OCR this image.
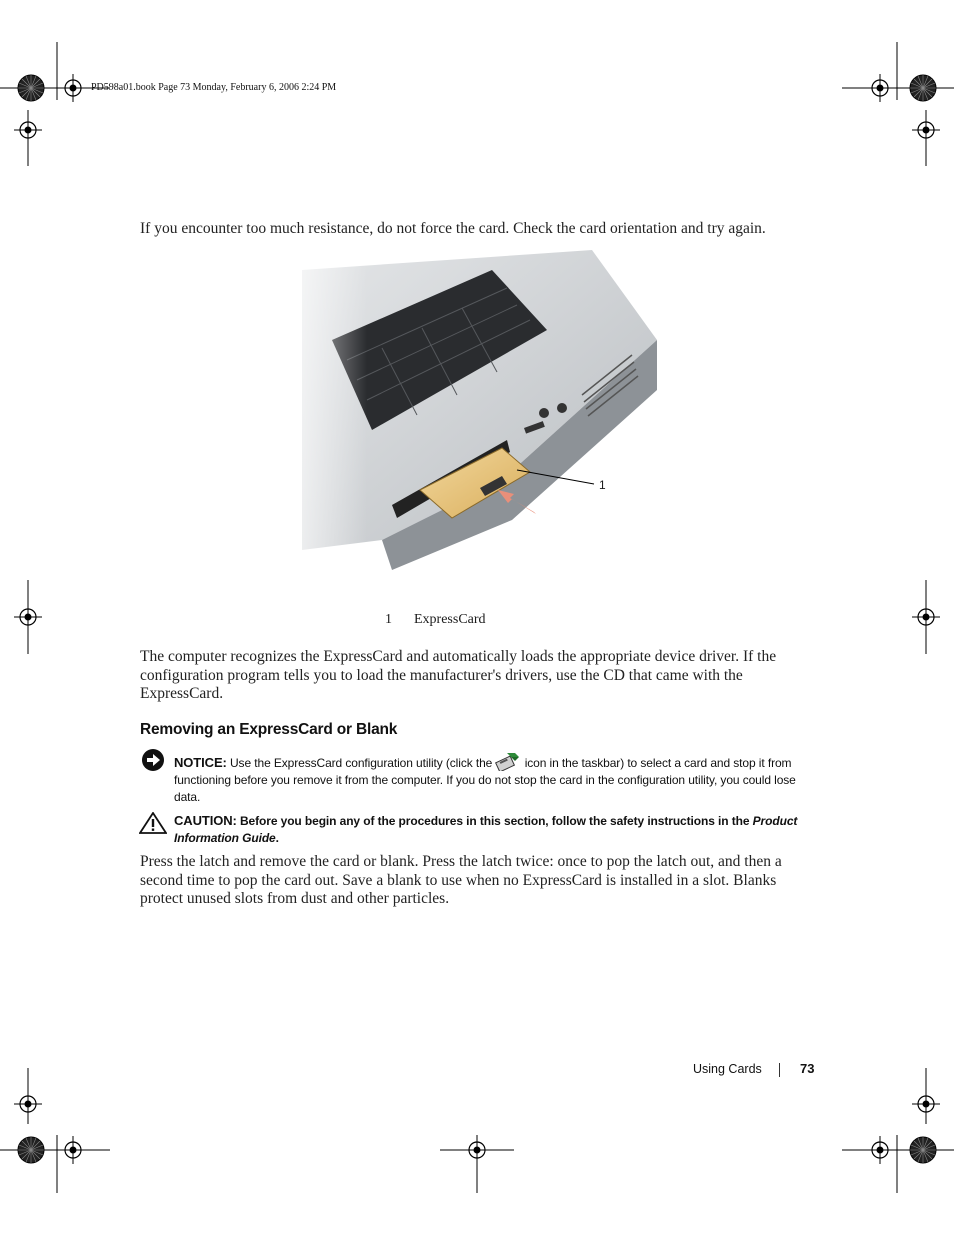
PD598a01.book Page 73 Monday, February 6, 2006 2:24 PM
If you encounter too much resistance, do not force the card. Check the card orientation and try again.
1
1 ExpressCard
The computer recognizes the ExpressCard and automatically loads the appropriate device driver. If the configuration program tells you to load the manufacturer's drivers, use the CD that came with the ExpressCard.
Removing an ExpressCard or Blank
NOTICE: Use the ExpressCard configuration utility (click the  icon in the taskbar) to select a card and stop it from functioning before you remove it from the computer. If you do not stop the card in the configuration utility, you could lose data.
CAUTION: Before you begin any of the procedures in this section, follow the safety instructions in the Product Information Guide.
Press the latch and remove the card or blank. Press the latch twice: once to pop the latch out, and then a second time to pop the card out. Save a blank to use when no ExpressCard is installed in a slot. Blanks protect unused slots from dust and other particles.
Using Cards	73
